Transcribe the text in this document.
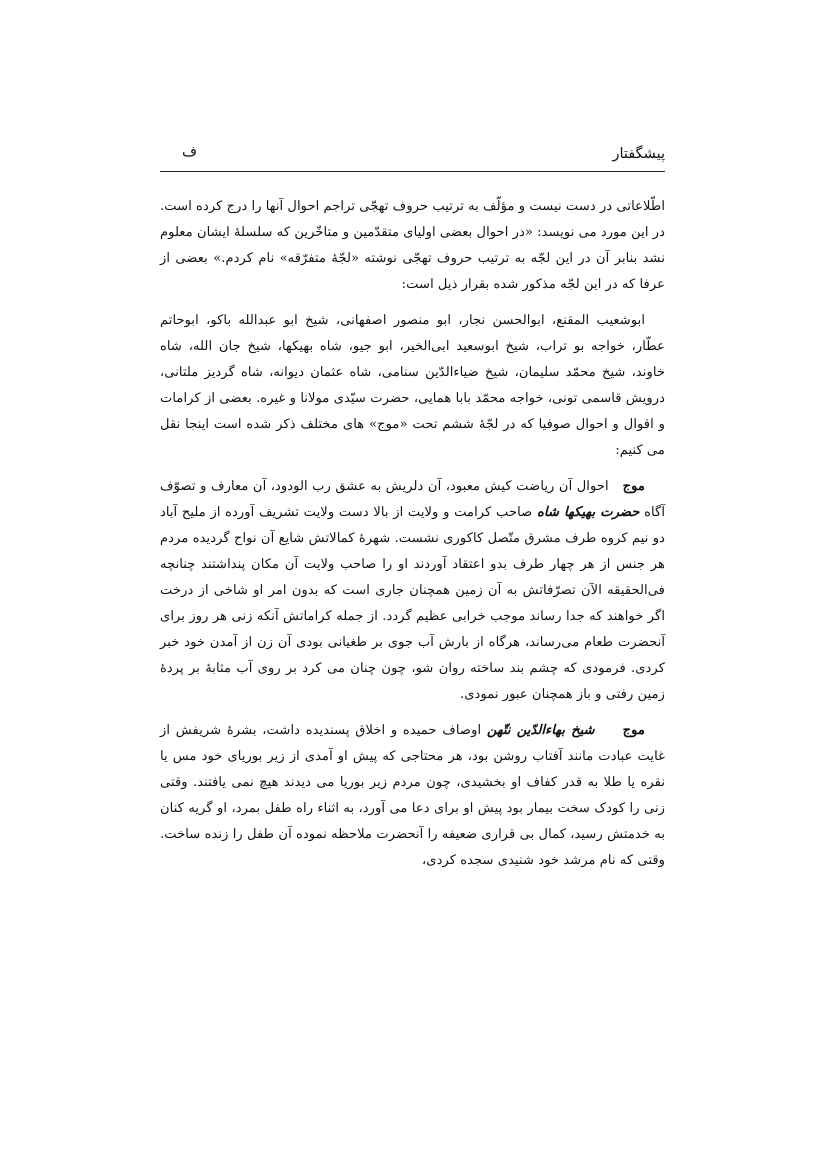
پیشگفتار
ف

اطّلاعاتی در دست نیست و مؤلّف به ترتیب حروف تهجّی تراجم احوال آنها را درج کرده است. در این مورد می نویسد: «در احوال بعضی اولیای متقدّمین و متاخّرین که سلسلهٔ ایشان معلوم نشد بنابر آن در این لجّه به ترتیب حروف تهجّی نوشته «لجّهٔ متفرّقه» نام کردم.» بعضی از عرفا که در این لجّه مذکور شده بقرار ذیل است:

ابوشعیب المقنع، ابوالحسن نجار، ابو منصور اصفهانی، شیخ ابو عبدالله باکو، ابوحاتم عطّار، خواجه بو تراب، شیخ ابوسعید ابی‌الخیر، ابو جیو، شاه بهیکها، شیخ جان الله، شاه خاوند، شیخ محمّد سلیمان، شیخ ضیاءالدّین سنامی، شاه عثمان دیوانه، شاه گردیز ملتانی، درویش قاسمی تونی، خواجه محمّد بابا همایی، حضرت سیّدی مولانا و غیره. بعضی از کرامات و اقوال و احوال صوفیا که در لجّهٔ ششم تحت «موج» های مختلف ذکر شده است اینجا نقل می کنیم:

موجاحوال آن ریاضت کیش معبود، آن دلریش به عشق رب الودود، آن معارف و تصوّف آگاه حضرت بهیکها شاه صاحب کرامت و ولایت از بالا دست ولایت تشریف آورده از ملیح آباد دو نیم کروه طرف مشرق متّصل کاکوری نشست. شهرهٔ کمالاتش شایع آن نواح گردیده مردم هر جنس از هر چهار طرف بدو اعتقاد آوردند او را صاحب ولایت آن مکان پنداشتند چنانچه فی‌الحقیقه الآن تصرّفاتش به آن زمین همچنان جاری است که بدون امر او شاخی از درخت اگر خواهند که جدا رساند موجب خرابی عظیم گردد. از جمله کراماتش آنکه زنی هر روز برای آنحضرت طعام می‌رساند، هرگاه از بارش آب جوی بر طغیانی بودی آن زن از آمدن خود خبر کردی. فرمودی که چشم بند ساخته روان شو، چون چنان می کرد بر روی آب مثابهٔ بر پردهٔ زمین رفتی و باز همچنان عبور نمودی.

موجشیخ بهاءالدّین نتّهن اوصاف حمیده و اخلاق پسندیده داشت، بشرهٔ شریفش از غایت عبادت مانند آفتاب روشن بود، هر محتاجی که پیش او آمدی از زیر بوریای خود مس یا نقره یا طلا به قدر کفاف او بخشیدی، چون مردم زیر بوریا می دیدند هیچ نمی یافتند. وقتی زنی را کودک سخت بیمار بود پیش او برای دعا می آورد، به اثناء راه طفل بمرد، او گریه کنان به خدمتش رسید، کمال بی قراری ضعیفه را آنحضرت ملاحظه نموده آن طفل را زنده ساخت. وقتی که نام مرشد خود شنیدی سجده کردی،
